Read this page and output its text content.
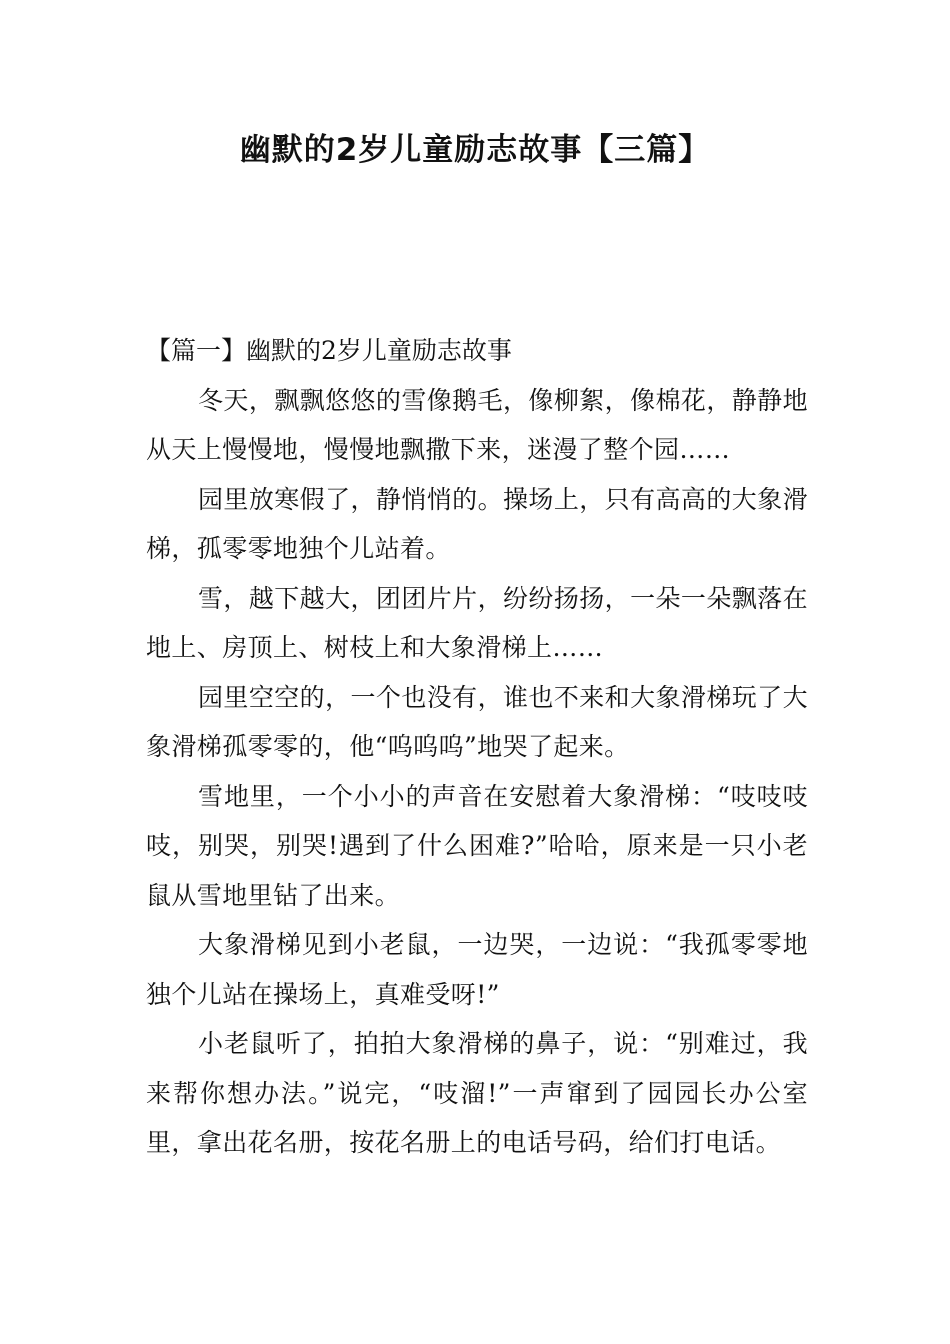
幽默的2岁儿童励志故事【三篇】

【篇一】幽默的2岁儿童励志故事

冬天，飘飘悠悠的雪像鹅毛，像柳絮，像棉花，静静地从天上慢慢地，慢慢地飘撒下来，迷漫了整个园……

园里放寒假了，静悄悄的。操场上，只有高高的大象滑梯，孤零零地独个儿站着。

雪，越下越大，团团片片，纷纷扬扬，一朵一朵飘落在地上、房顶上、树枝上和大象滑梯上……

园里空空的，一个也没有，谁也不来和大象滑梯玩了大象滑梯孤零零的，他“呜呜呜”地哭了起来。

雪地里，一个小小的声音在安慰着大象滑梯：“吱吱吱吱，别哭，别哭!遇到了什么困难?”哈哈，原来是一只小老鼠从雪地里钻了出来。

大象滑梯见到小老鼠，一边哭，一边说：“我孤零零地独个儿站在操场上，真难受呀!”

小老鼠听了，拍拍大象滑梯的鼻子，说：“别难过，我来帮你想办法。”说完，“吱溜!”一声窜到了园园长办公室里，拿出花名册，按花名册上的电话号码，给们打电话。
